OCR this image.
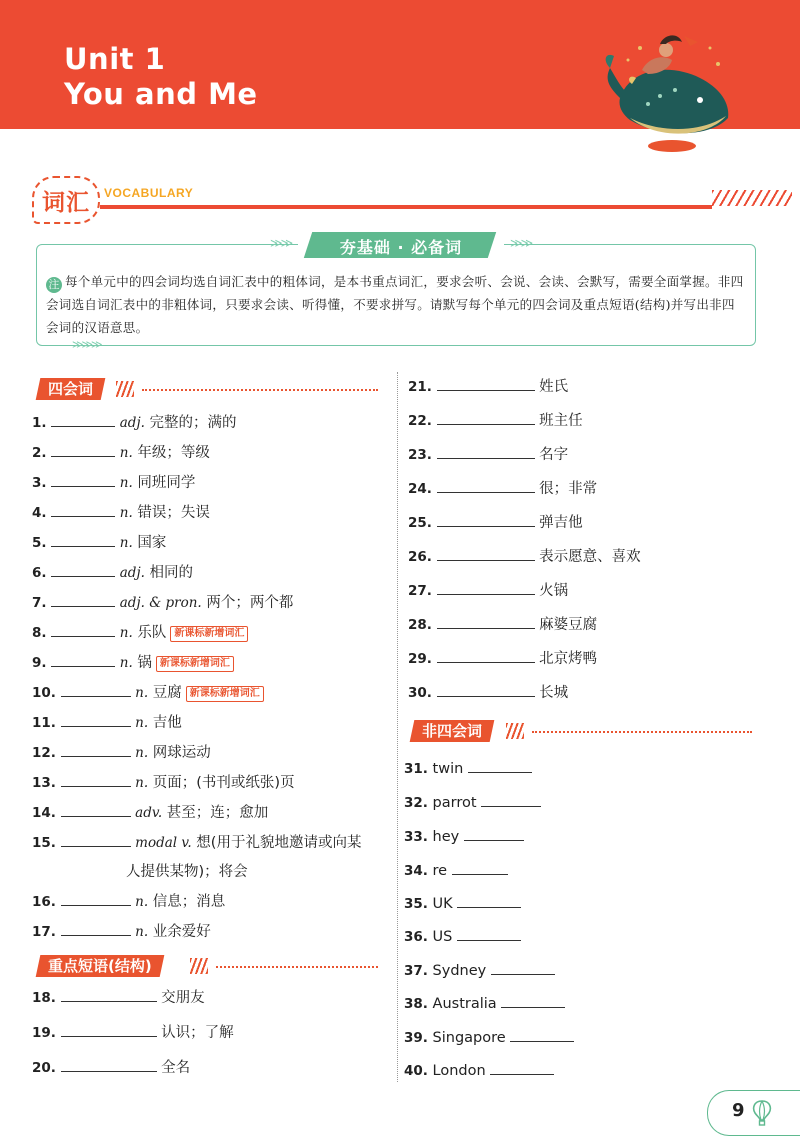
Unit 1
You and Me
词汇 VOCABULARY
≫≫	≫≫
夯基础 · 必备词
注 每个单元中的四会词均选自词汇表中的粗体词，是本书重点词汇，要求会听、会说、会读、会默写，需要全面掌握。非四会词选自词汇表中的非粗体词，只要求会读、听得懂，不要求拼写。请默写每个单元的四会词及重点短语(结构)并写出非四会词的汉语意思。
≫≫≫
四会词
1.	adj. 完整的；满的
2.	n. 年级；等级
3.	n. 同班同学
4.	n. 错误；失误
5.	n. 国家
6.	adj. 相同的
7.	adj. & pron. 两个；两个都
8.	n. 乐队 新课标新增词汇
9.	n. 锅 新课标新增词汇
10.	n. 豆腐 新课标新增词汇
11.	n. 吉他
12.	n. 网球运动
13.	n. 页面；(书刊或纸张)页
14.	adv. 甚至；连；愈加
15.	modal v. 想(用于礼貌地邀请或向某
人提供某物)；将会
16.	n. 信息；消息
17.	n. 业余爱好
重点短语(结构)
18.	交朋友
19.	认识；了解
20.	全名
21.	姓氏
22.	班主任
23.	名字
24.	很；非常
25.	弹吉他
26.	表示愿意、喜欢
27.	火锅
28.	麻婆豆腐
29.	北京烤鸭
30.	长城
非四会词
31. twin
32. parrot
33. hey
34. re
35. UK
36. US
37. Sydney
38. Australia
39. Singapore
40. London
9
